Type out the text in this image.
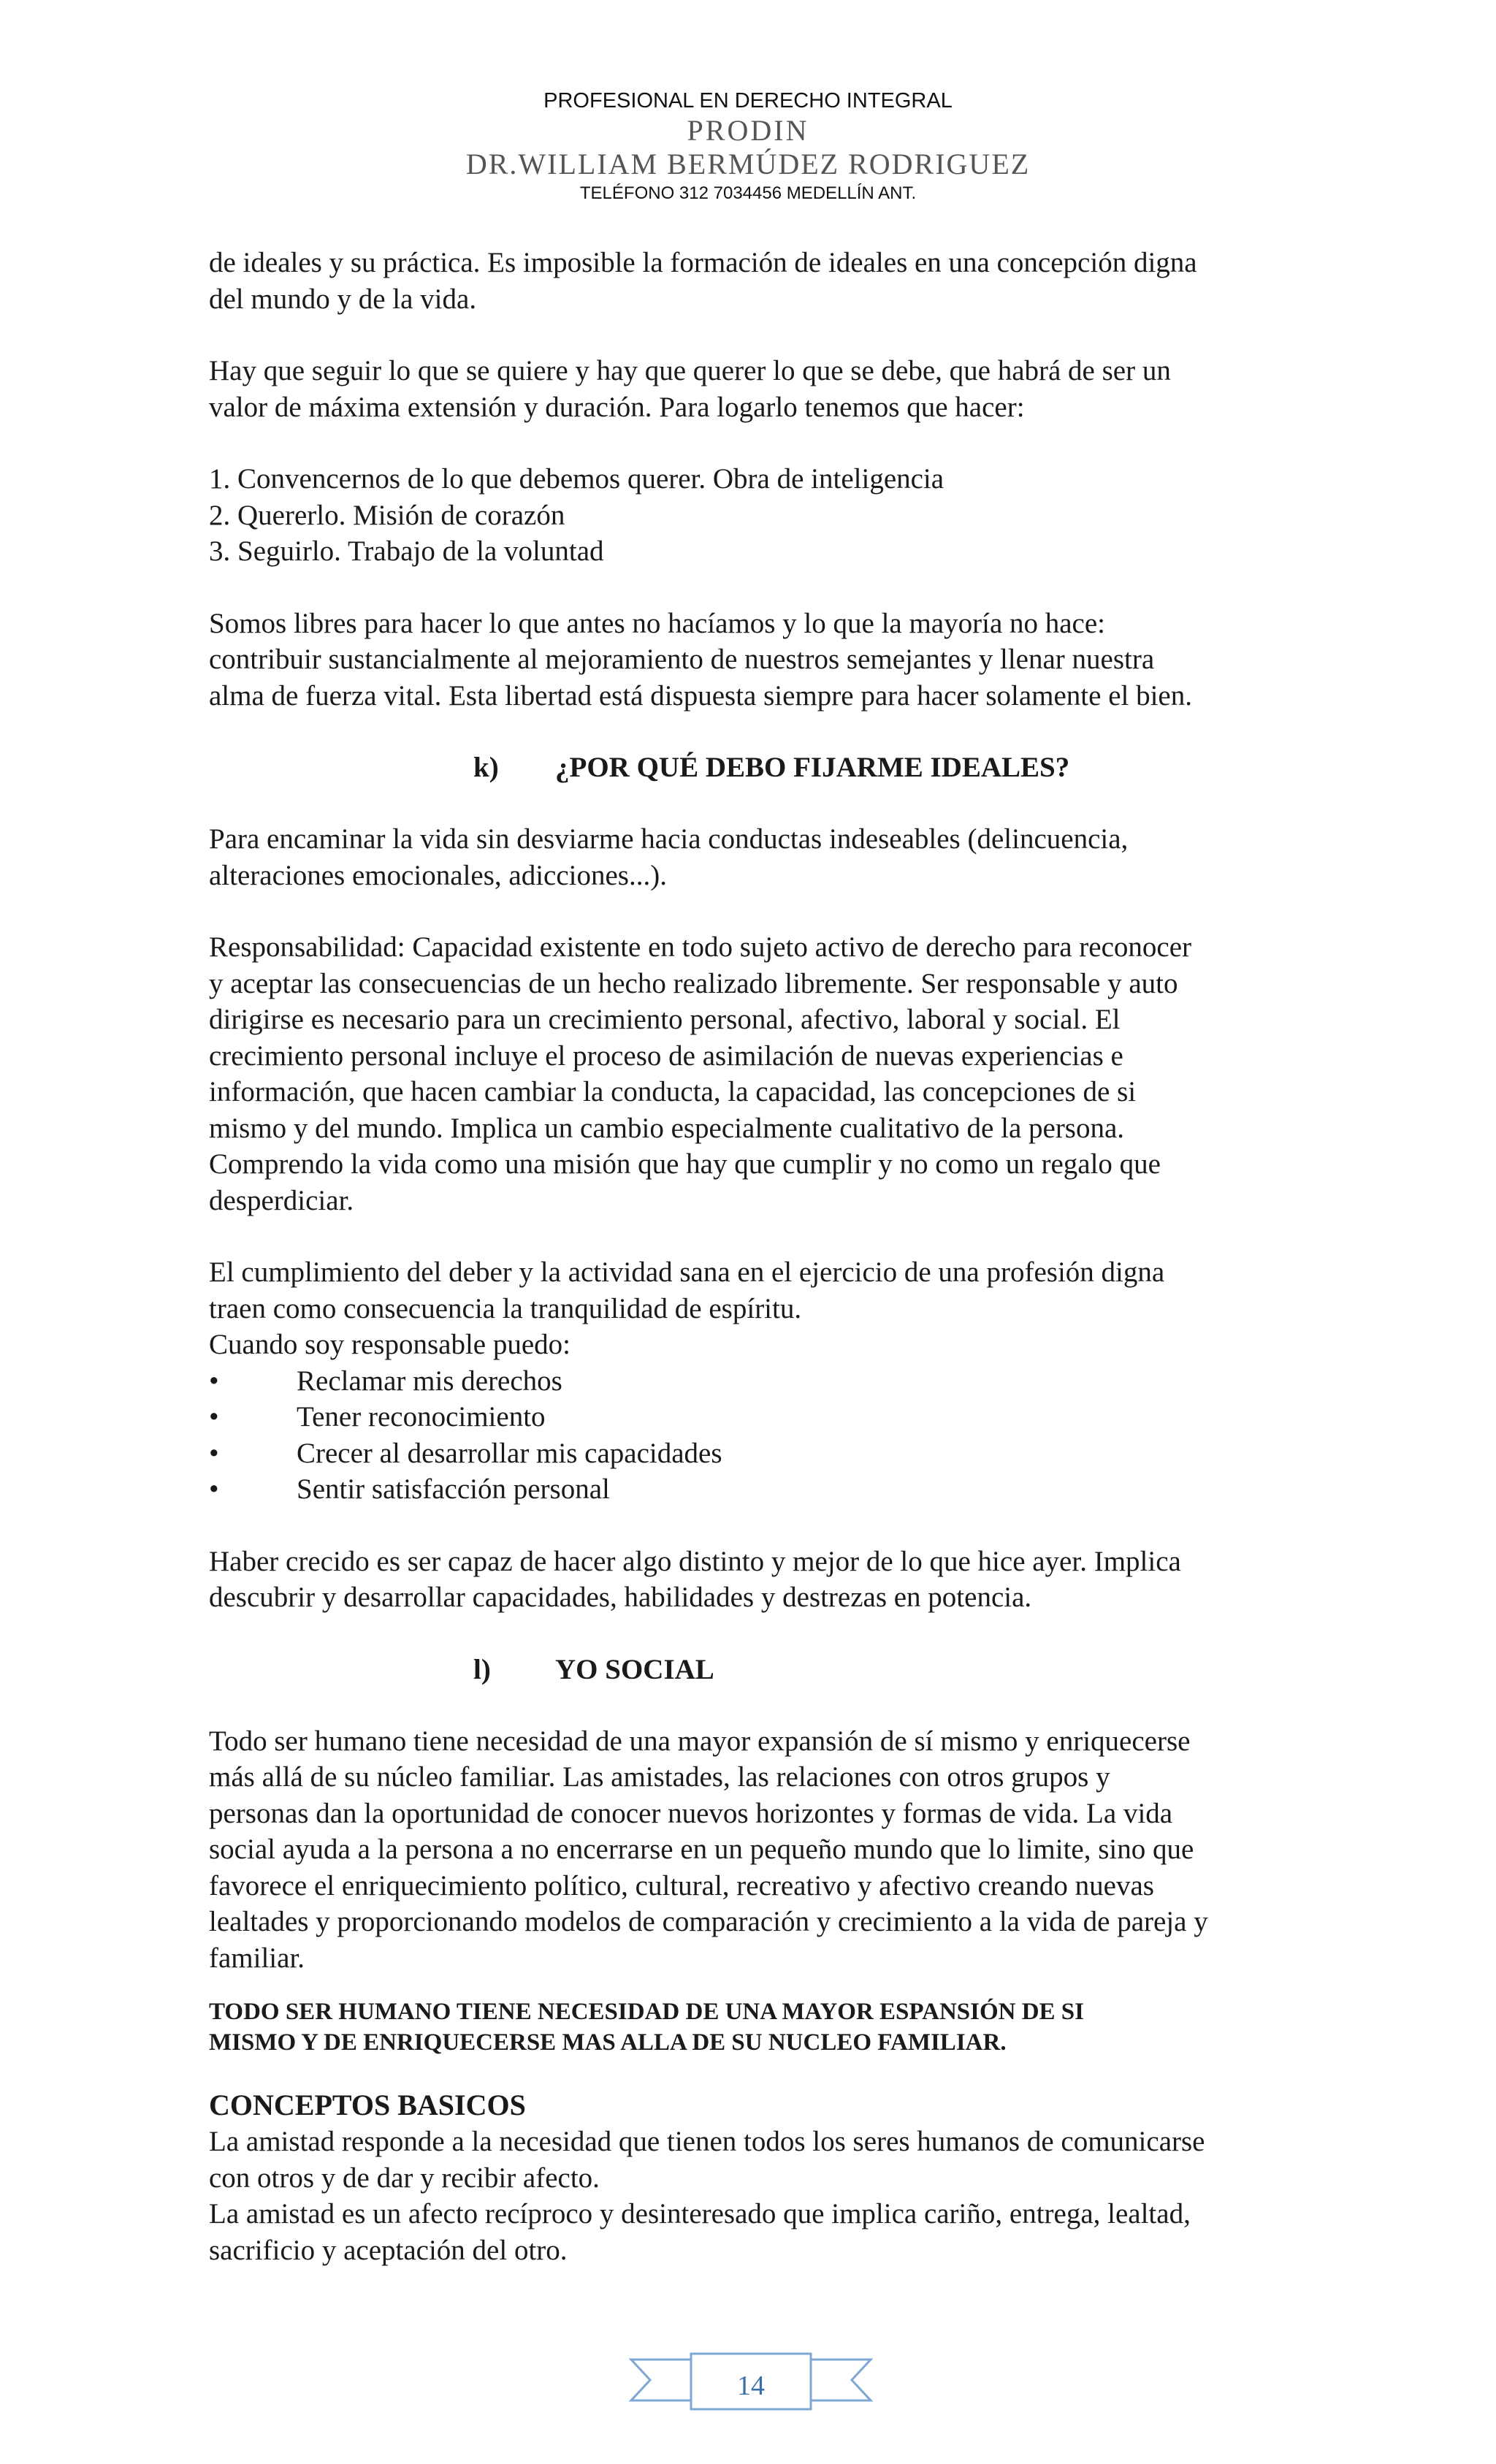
PROFESIONAL EN DERECHO INTEGRAL
PRODIN
DR.WILLIAM BERMÚDEZ RODRIGUEZ
TELÉFONO 312 7034456 MEDELLÍN ANT.

de ideales y su práctica. Es imposible la formación de ideales en una concepción digna
del mundo y de la vida.

Hay que seguir lo que se quiere y hay que querer lo que se debe, que habrá de ser un
valor de máxima extensión y duración. Para logarlo tenemos que hacer:

1. Convencernos de lo que debemos querer. Obra de inteligencia
2. Quererlo. Misión de corazón
3. Seguirlo. Trabajo de la voluntad

Somos libres para hacer lo que antes no hacíamos y lo que la mayoría no hace:
contribuir sustancialmente al mejoramiento de nuestros semejantes y llenar nuestra
alma de fuerza vital. Esta libertad está dispuesta siempre para hacer solamente el bien.

k) ¿POR QUÉ DEBO FIJARME IDEALES?

Para encaminar la vida sin desviarme hacia conductas indeseables (delincuencia,
alteraciones emocionales, adicciones...).

Responsabilidad: Capacidad existente en todo sujeto activo de derecho para reconocer
y aceptar las consecuencias de un hecho realizado libremente. Ser responsable y auto
dirigirse es necesario para un crecimiento personal, afectivo, laboral y social. El
crecimiento personal incluye el proceso de asimilación de nuevas experiencias e
información, que hacen cambiar la conducta, la capacidad, las concepciones de si
mismo y del mundo. Implica un cambio especialmente cualitativo de la persona.
Comprendo la vida como una misión que hay que cumplir y no como un regalo que
desperdiciar.

El cumplimiento del deber y la actividad sana en el ejercicio de una profesión digna
traen como consecuencia la tranquilidad de espíritu.
Cuando soy responsable puedo:

•	Reclamar mis derechos
•	Tener reconocimiento
•	Crecer al desarrollar mis capacidades
•	Sentir satisfacción personal

Haber crecido es ser capaz de hacer algo distinto y mejor de lo que hice ayer. Implica
descubrir y desarrollar capacidades, habilidades y destrezas en potencia.

l) YO SOCIAL

Todo ser humano tiene necesidad de una mayor expansión de sí mismo y enriquecerse
más allá de su núcleo familiar. Las amistades, las relaciones con otros grupos y
personas dan la oportunidad de conocer nuevos horizontes y formas de vida. La vida
social ayuda a la persona a no encerrarse en un pequeño mundo que lo limite, sino que
favorece el enriquecimiento político, cultural, recreativo y afectivo creando nuevas
lealtades y proporcionando modelos de comparación y crecimiento a la vida de pareja y
familiar.

TODO SER HUMANO TIENE NECESIDAD DE UNA MAYOR ESPANSIÓN DE SI
MISMO Y DE ENRIQUECERSE MAS ALLA DE SU NUCLEO FAMILIAR.

CONCEPTOS BASICOS

La amistad responde a la necesidad que tienen todos los seres humanos de comunicarse
con otros y de dar y recibir afecto.

La amistad es un afecto recíproco y desinteresado que implica cariño, entrega, lealtad,
sacrificio y aceptación del otro.

14
